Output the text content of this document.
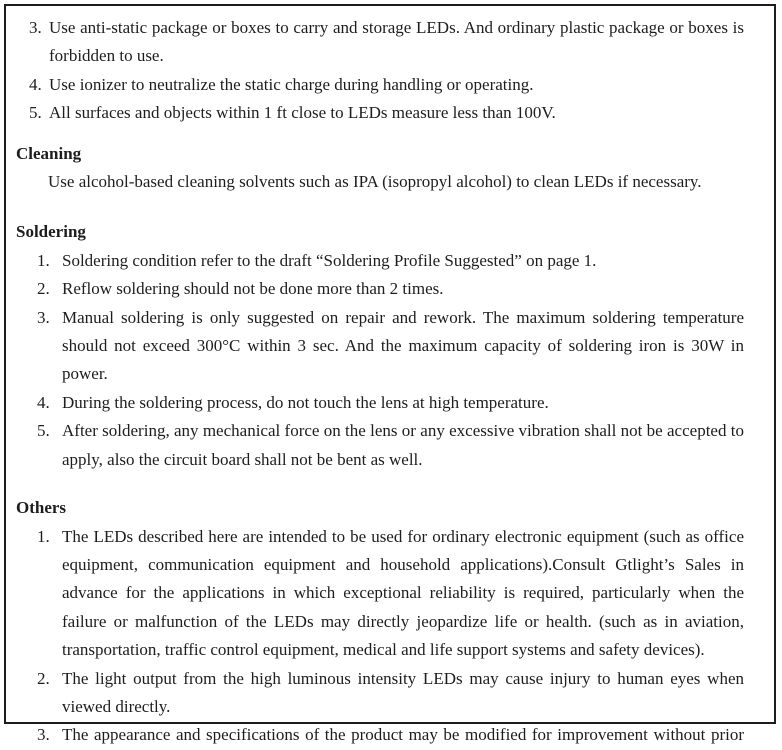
3. Use anti-static package or boxes to carry and storage LEDs. And ordinary plastic package or boxes is forbidden to use.
4. Use ionizer to neutralize the static charge during handling or operating.
5. All surfaces and objects within 1 ft close to LEDs measure less than 100V.
Cleaning
Use alcohol-based cleaning solvents such as IPA (isopropyl alcohol) to clean LEDs if necessary.
Soldering
1. Soldering condition refer to the draft “Soldering Profile Suggested” on page 1.
2. Reflow soldering should not be done more than 2 times.
3. Manual soldering is only suggested on repair and rework. The maximum soldering temperature should not exceed 300°C within 3 sec. And the maximum capacity of soldering iron is 30W in power.
4. During the soldering process, do not touch the lens at high temperature.
5. After soldering, any mechanical force on the lens or any excessive vibration shall not be accepted to apply, also the circuit board shall not be bent as well.
Others
1. The LEDs described here are intended to be used for ordinary electronic equipment (such as office equipment, communication equipment and household applications).Consult Gtlight’s Sales in advance for the applications in which exceptional reliability is required, particularly when the failure or malfunction of the LEDs may directly jeopardize life or health. (such as in aviation, transportation, traffic control equipment, medical and life support systems and safety devices).
2. The light output from the high luminous intensity LEDs may cause injury to human eyes when viewed directly.
3. The appearance and specifications of the product may be modified for improvement without prior
